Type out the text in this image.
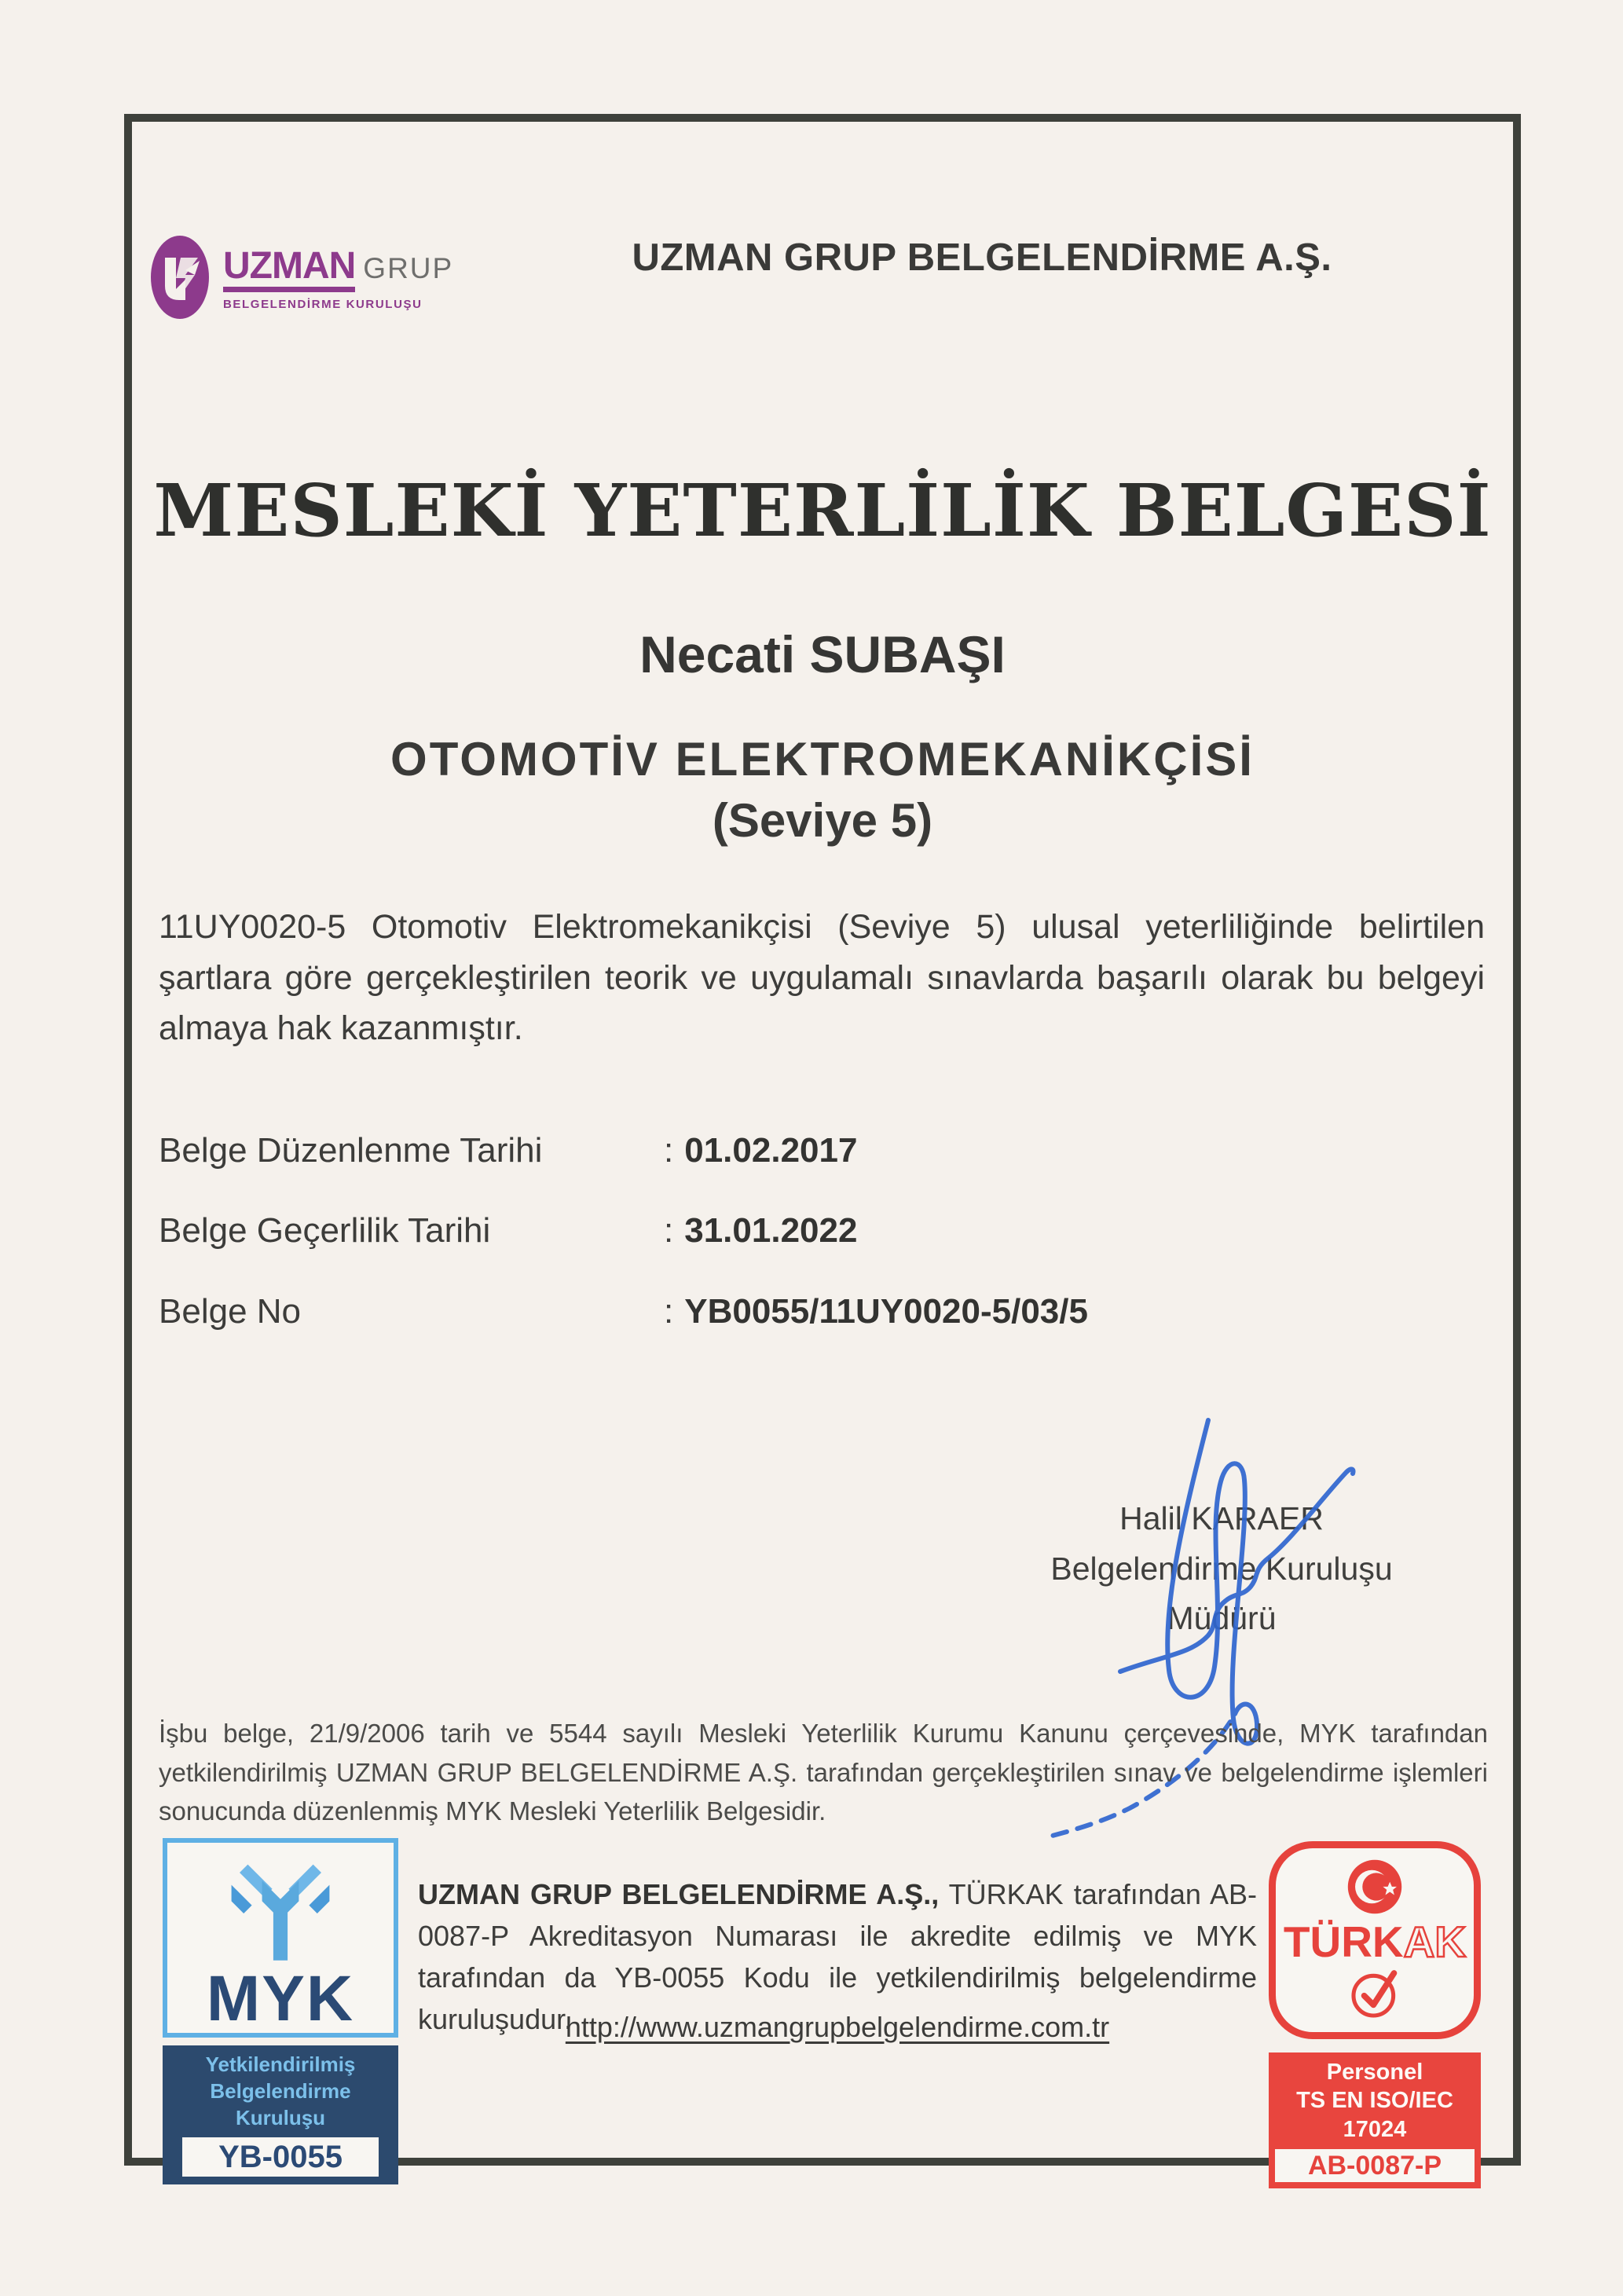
UZMAN GRUP
BELGELENDİRME KURULUŞU
UZMAN GRUP BELGELENDİRME A.Ş.
MESLEKİ YETERLİLİK BELGESİ
Necati SUBAŞI
OTOMOTİV ELEKTROMEKANİKÇİSİ
(Seviye 5)
11UY0020-5 Otomotiv Elektromekanikçisi (Seviye 5) ulusal yeterliliğinde belirtilen şartlara göre gerçekleştirilen teorik ve uygulamalı sınavlarda başarılı olarak bu belgeyi almaya hak kazanmıştır.
Belge Düzenlenme Tarihi	: 01.02.2017
Belge Geçerlilik Tarihi	: 31.01.2022
Belge No	: YB0055/11UY0020-5/03/5
Halil KARAER
Belgelendirme Kuruluşu
Müdürü
İşbu belge, 21/9/2006 tarih ve 5544 sayılı Mesleki Yeterlilik Kurumu Kanunu çerçevesinde, MYK tarafından yetkilendirilmiş UZMAN GRUP BELGELENDİRME A.Ş. tarafından gerçekleştirilen sınav ve belgelendirme işlemleri sonucunda düzenlenmiş MYK Mesleki Yeterlilik Belgesidir.
MYK
Yetkilendirilmiş
Belgelendirme Kuruluşu
YB-0055
UZMAN GRUP BELGELENDİRME A.Ş., TÜRKAK tarafından AB-0087-P Akreditasyon Numarası ile akredite edilmiş ve MYK tarafından da YB-0055 Kodu ile yetkilendirilmiş belgelendirme kuruluşudur.
http://www.uzmangrupbelgelendirme.com.tr
TÜRKAK
Personel
TS EN ISO/IEC 17024
AB-0087-P
